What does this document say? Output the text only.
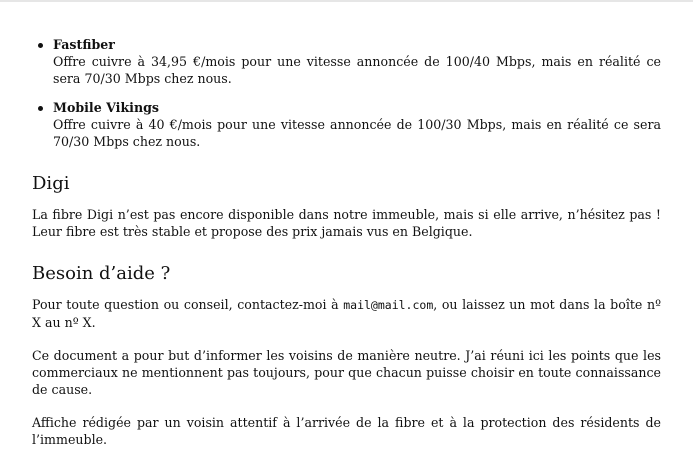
Fastfiber
Offre cuivre à 34,95 €/mois pour une vitesse annoncée de 100/40 Mbps, mais en réalité ce sera 70/30 Mbps chez nous.
Mobile Vikings
Offre cuivre à 40 €/mois pour une vitesse annoncée de 100/30 Mbps, mais en réalité ce sera 70/30 Mbps chez nous.
Digi

La fibre Digi n’est pas encore disponible dans notre immeuble, mais si elle arrive, n’hésitez pas ! Leur fibre est très stable et propose des prix jamais vus en Belgique.

Besoin d’aide ?

Pour toute question ou conseil, contactez-moi à mail@mail.com, ou laissez un mot dans la boîte nº X au nº X.

Ce document a pour but d’informer les voisins de manière neutre. J’ai réuni ici les points que les commerciaux ne mentionnent pas toujours, pour que chacun puisse choisir en toute connaissance de cause.

Affiche rédigée par un voisin attentif à l’arrivée de la fibre et à la protection des résidents de l’immeuble.
